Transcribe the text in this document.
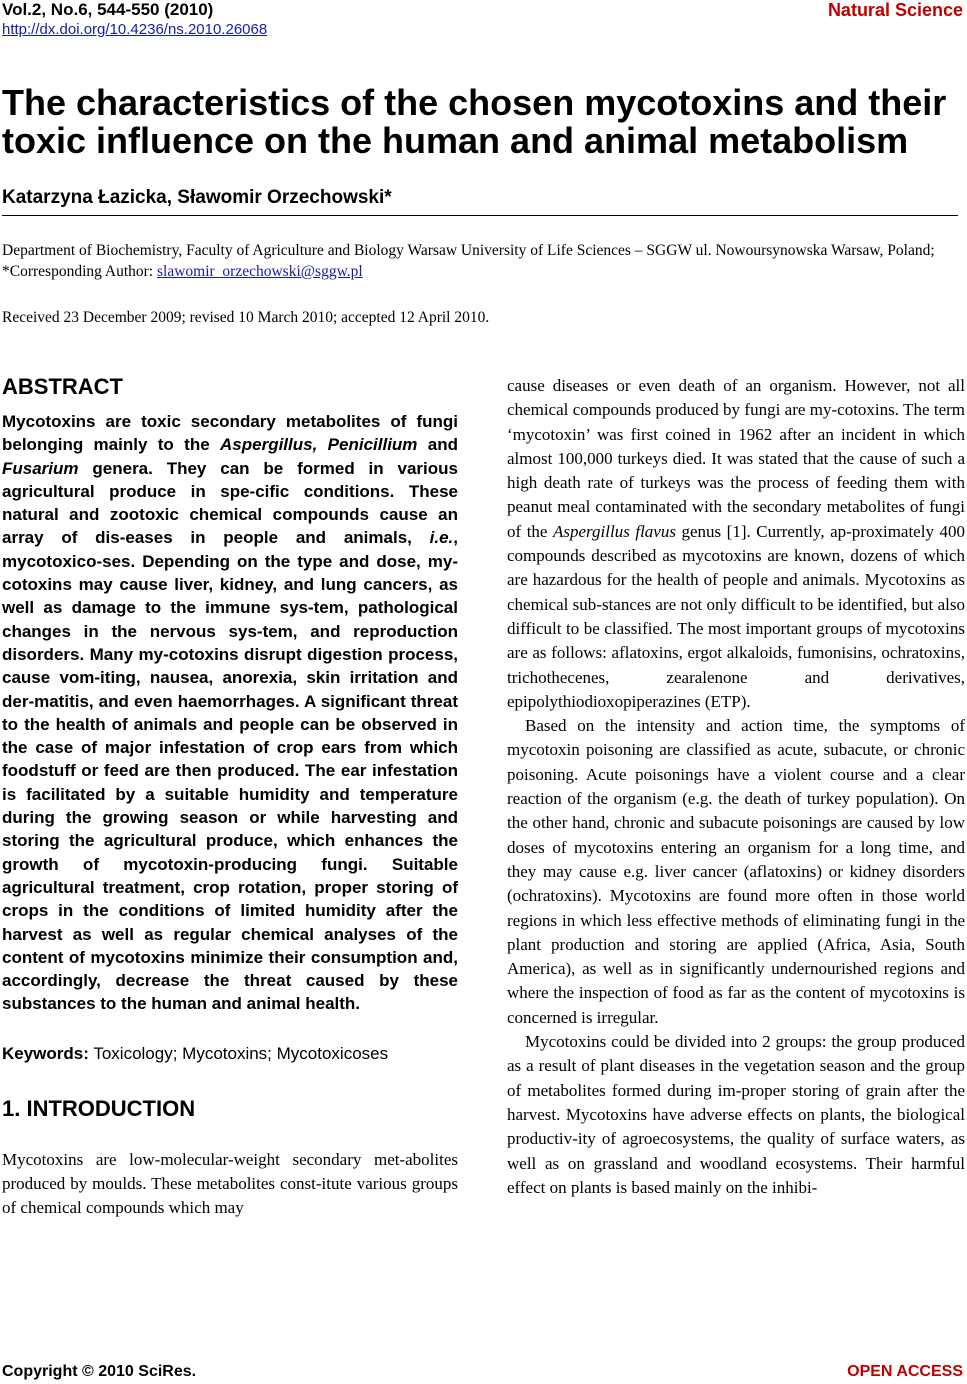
Vol.2, No.6, 544-550 (2010)
http://dx.doi.org/10.4236/ns.2010.26068
Natural Science
The characteristics of the chosen mycotoxins and their toxic influence on the human and animal metabolism
Katarzyna Łazicka, Sławomir Orzechowski*
Department of Biochemistry, Faculty of Agriculture and Biology Warsaw University of Life Sciences – SGGW ul. Nowoursynowska Warsaw, Poland; *Corresponding Author: slawomir_orzechowski@sggw.pl
Received 23 December 2009; revised 10 March 2010; accepted 12 April 2010.
ABSTRACT

Mycotoxins are toxic secondary metabolites of fungi belonging mainly to the Aspergillus, Penicillium and Fusarium genera. They can be formed in various agricultural produce in spe-cific conditions. These natural and zootoxic chemical compounds cause an array of dis-eases in people and animals, i.e., mycotoxico-ses. Depending on the type and dose, my-cotoxins may cause liver, kidney, and lung cancers, as well as damage to the immune sys-tem, pathological changes in the nervous sys-tem, and reproduction disorders. Many my-cotoxins disrupt digestion process, cause vom-iting, nausea, anorexia, skin irritation and der-matitis, and even haemorrhages. A significant threat to the health of animals and people can be observed in the case of major infestation of crop ears from which foodstuff or feed are then produced. The ear infestation is facilitated by a suitable humidity and temperature during the growing season or while harvesting and storing the agricultural produce, which enhances the growth of mycotoxin-producing fungi. Suitable agricultural treatment, crop rotation, proper storing of crops in the conditions of limited humidity after the harvest as well as regular chemical analyses of the content of mycotoxins minimize their consumption and, accordingly, decrease the threat caused by these substances to the human and animal health.

Keywords: Toxicology; Mycotoxins; Mycotoxicoses

1. INTRODUCTION

Mycotoxins are low-molecular-weight secondary met-abolites produced by moulds. These metabolites const-itute various groups of chemical compounds which may

cause diseases or even death of an organism. However, not all chemical compounds produced by fungi are my-cotoxins. The term ‘mycotoxin’ was first coined in 1962 after an incident in which almost 100,000 turkeys died. It was stated that the cause of such a high death rate of turkeys was the process of feeding them with peanut meal contaminated with the secondary metabolites of fungi of the Aspergillus flavus genus [1]. Currently, ap-proximately 400 compounds described as mycotoxins are known, dozens of which are hazardous for the health of people and animals. Mycotoxins as chemical sub-stances are not only difficult to be identified, but also difficult to be classified. The most important groups of mycotoxins are as follows: aflatoxins, ergot alkaloids, fumonisins, ochratoxins, trichothecenes, zearalenone and derivatives, epipolythiodioxopiperazines (ETP).

Based on the intensity and action time, the symptoms of mycotoxin poisoning are classified as acute, subacute, or chronic poisoning. Acute poisonings have a violent course and a clear reaction of the organism (e.g. the death of turkey population). On the other hand, chronic and subacute poisonings are caused by low doses of mycotoxins entering an organism for a long time, and they may cause e.g. liver cancer (aflatoxins) or kidney disorders (ochratoxins). Mycotoxins are found more often in those world regions in which less effective methods of eliminating fungi in the plant production and storing are applied (Africa, Asia, South America), as well as in significantly undernourished regions and where the inspection of food as far as the content of mycotoxins is concerned is irregular.

Mycotoxins could be divided into 2 groups: the group produced as a result of plant diseases in the vegetation season and the group of metabolites formed during im-proper storing of grain after the harvest. Mycotoxins have adverse effects on plants, the biological productiv-ity of agroecosystems, the quality of surface waters, as well as on grassland and woodland ecosystems. Their harmful effect on plants is based mainly on the inhibi-

Copyright © 2010 SciRes.	OPEN ACCESS
